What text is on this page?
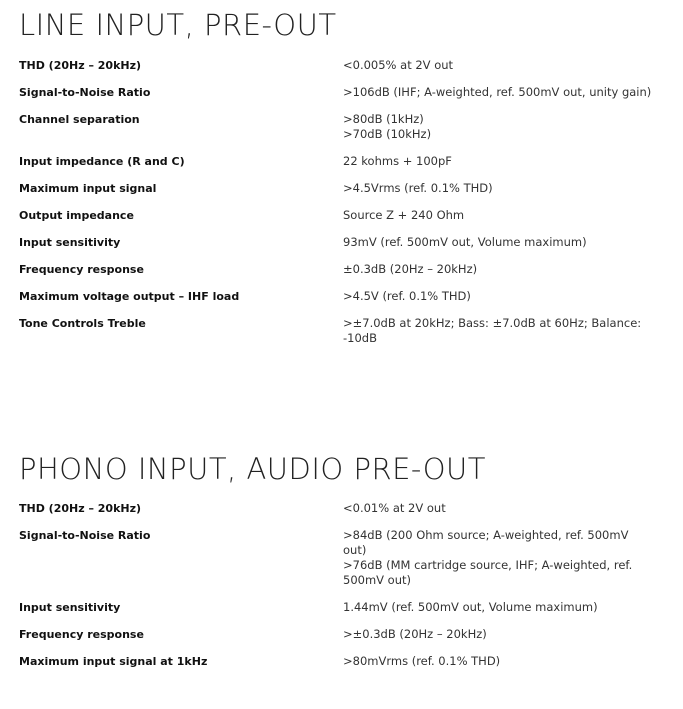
LINE INPUT, PRE-OUT
THD (20Hz – 20kHz)	<0.005% at 2V out
Signal-to-Noise Ratio	>106dB (IHF; A-weighted, ref. 500mV out, unity gain)
Channel separation	>80dB (1kHz)
>70dB (10kHz)
Input impedance (R and C)	22 kohms + 100pF
Maximum input signal	>4.5Vrms (ref. 0.1% THD)
Output impedance	Source Z + 240 Ohm
Input sensitivity	93mV (ref. 500mV out, Volume maximum)
Frequency response	±0.3dB (20Hz – 20kHz)
Maximum voltage output – IHF load	>4.5V (ref. 0.1% THD)
Tone Controls Treble	>±7.0dB at 20kHz; Bass: ±7.0dB at 60Hz; Balance: -10dB
PHONO INPUT, AUDIO PRE-OUT
THD (20Hz – 20kHz)	<0.01% at 2V out
Signal-to-Noise Ratio	>84dB (200 Ohm source; A-weighted, ref. 500mV out)
>76dB (MM cartridge source, IHF; A-weighted, ref. 500mV out)
Input sensitivity	1.44mV (ref. 500mV out, Volume maximum)
Frequency response	>±0.3dB (20Hz – 20kHz)
Maximum input signal at 1kHz	>80mVrms (ref. 0.1% THD)
